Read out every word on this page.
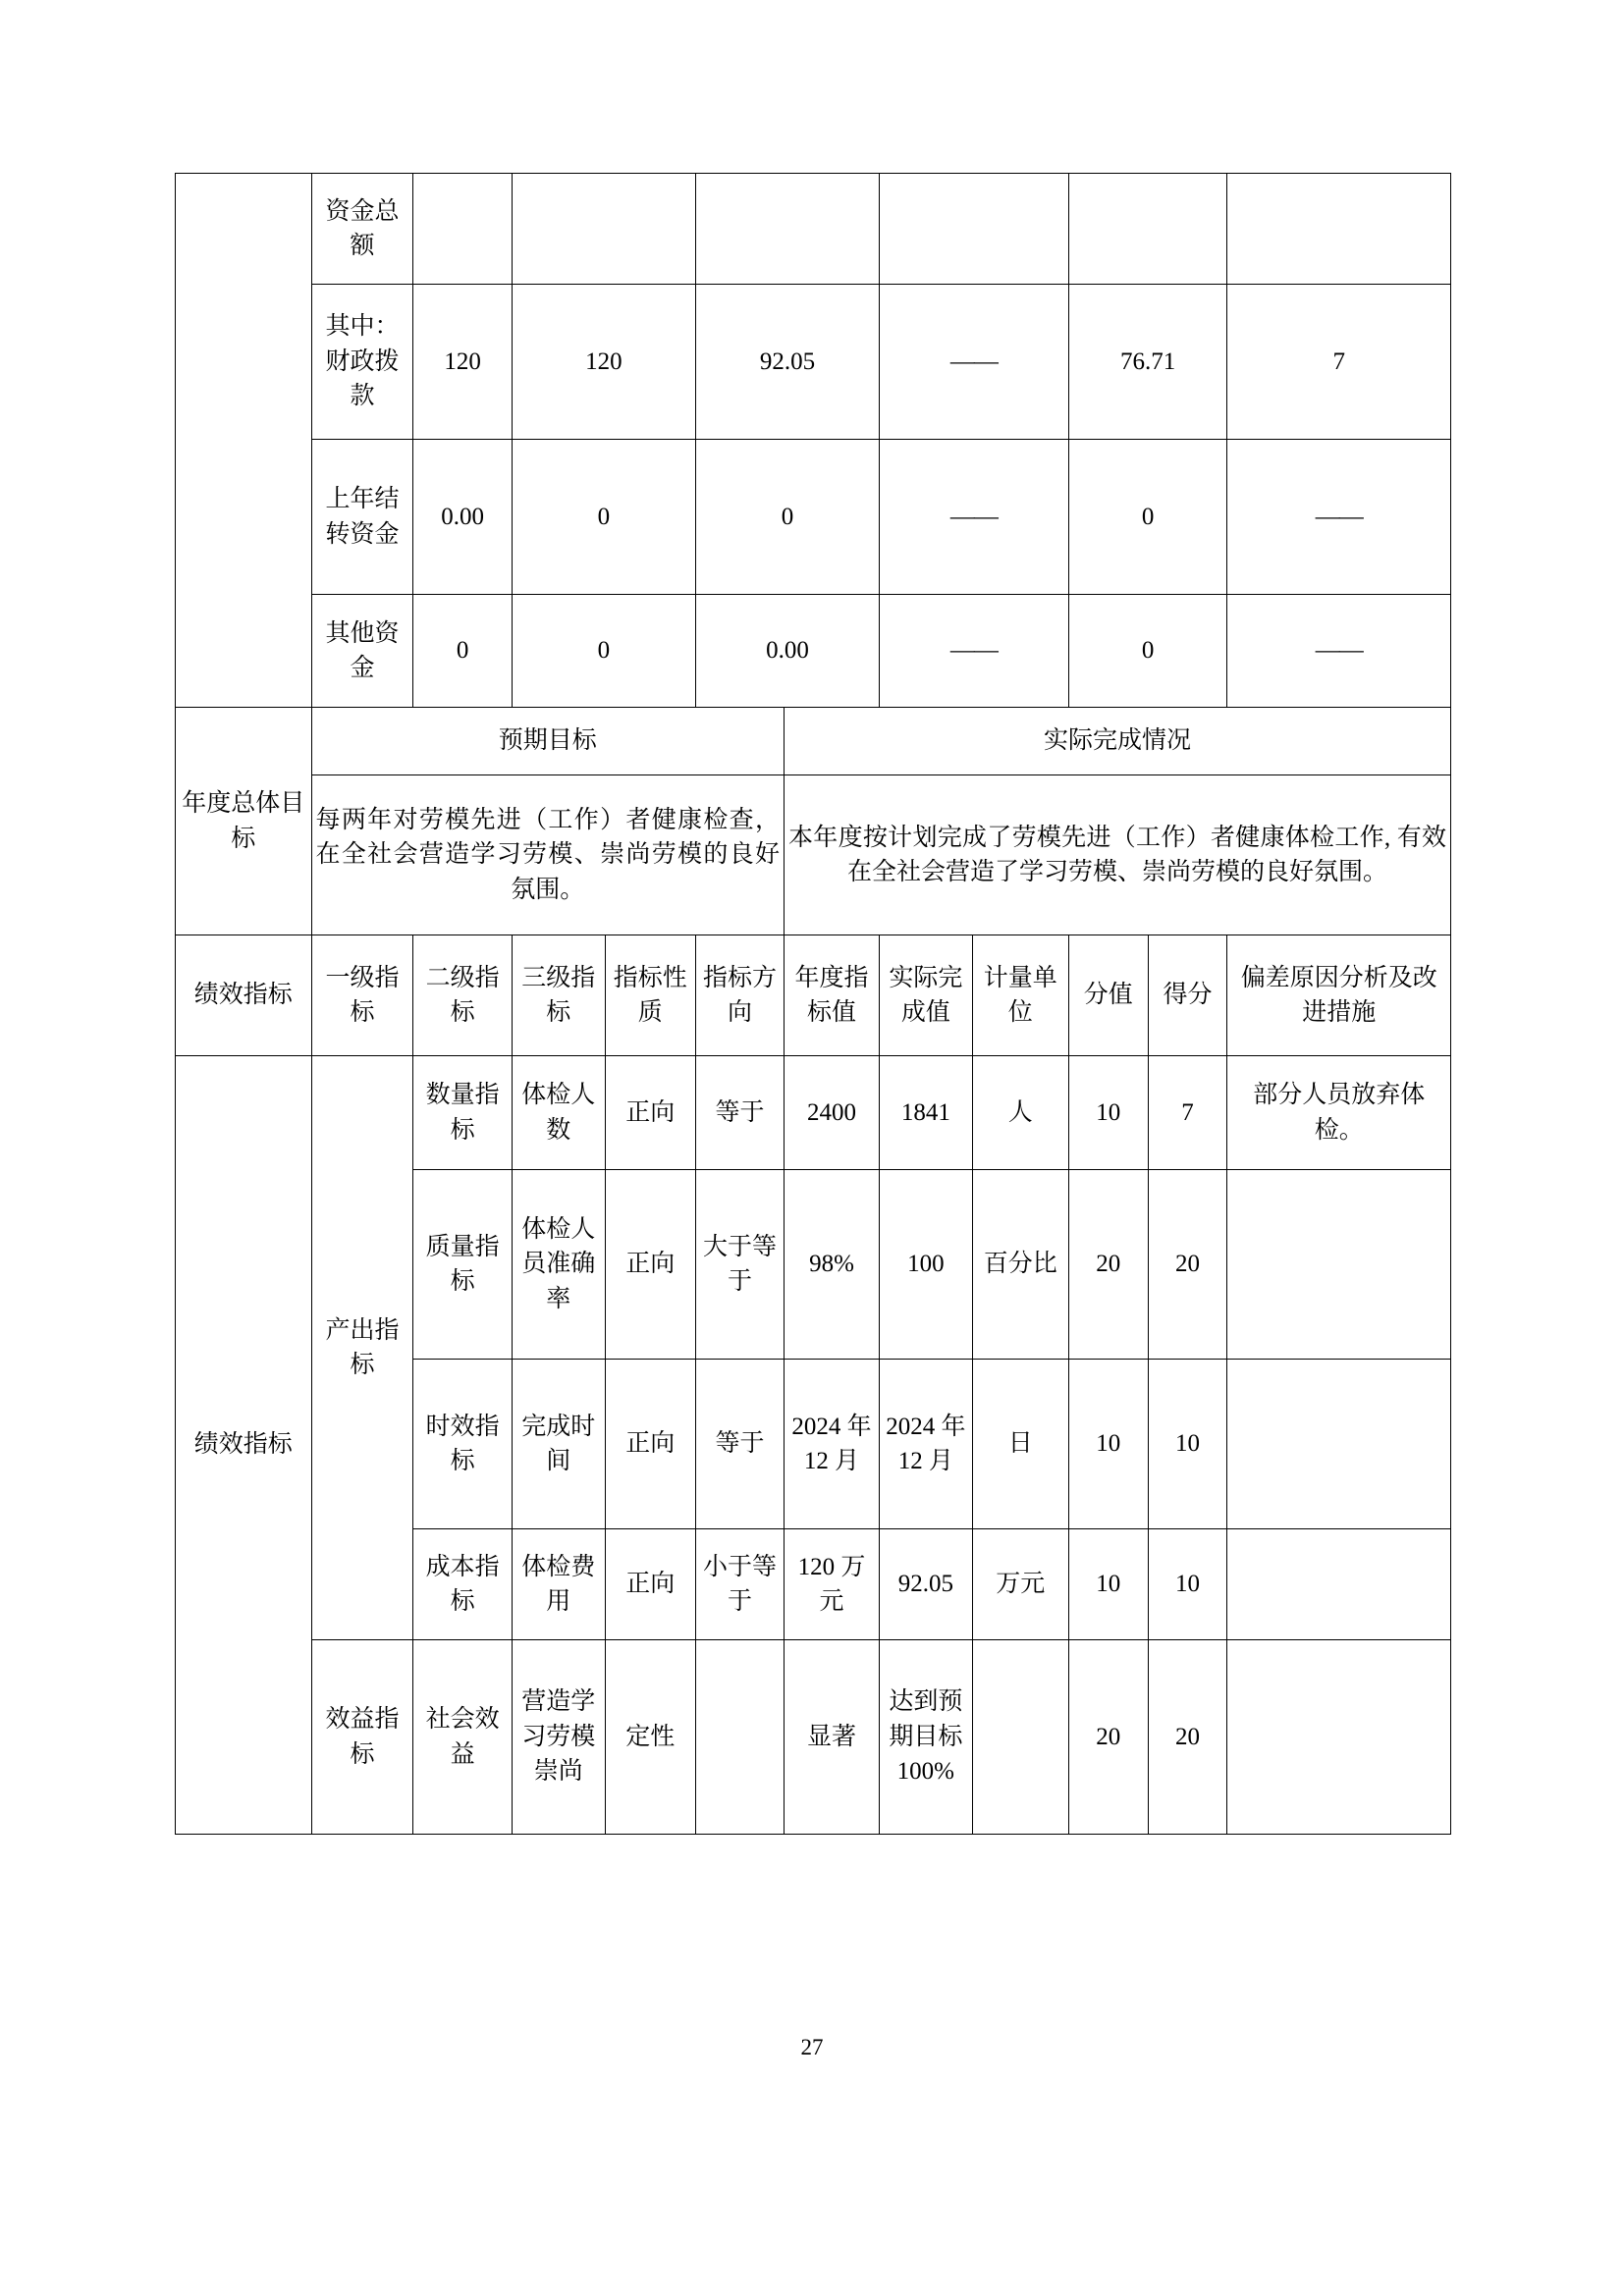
	资金总额										
	其中：财政拨款	120	120		92.05		——		76.71		7
	上年结转资金	0.00	0		0		——		0		——
	其他资金	0	0		0.00		——		0		——
年度总体目标	预期目标					实际完成情况					

	每两年对劳模先进（工作）者健康检查，在全社会营造学习劳模、崇尚劳模的良好氛围。					本年度按计划完成了劳模先进（工作）者健康体检工作, 有效在全社会营造了学习劳模、崇尚劳模的良好氛围。					

绩效指标	一级指标	二级指标	三级指标	指标性质	指标方向	年度指标值	实际完成值	计量单位	分值	得分	偏差原因分析及改进措施
绩效指标	产出指标	数量指标	体检人数	正向	等于	2400	1841	人	10	7	部分人员放弃体检。
		质量指标	体检人员准确率	正向	大于等于	98%	100	百分比	20	20	
		时效指标	完成时间	正向	等于	2024 年 12 月	2024 年 12 月	日	10	10	
		成本指标	体检费用	正向	小于等于	120 万元	92.05	万元	10	10	
	效益指标	社会效益	营造学习劳模崇尚	定性		显著	达到预期目标100%		20	20	
27
